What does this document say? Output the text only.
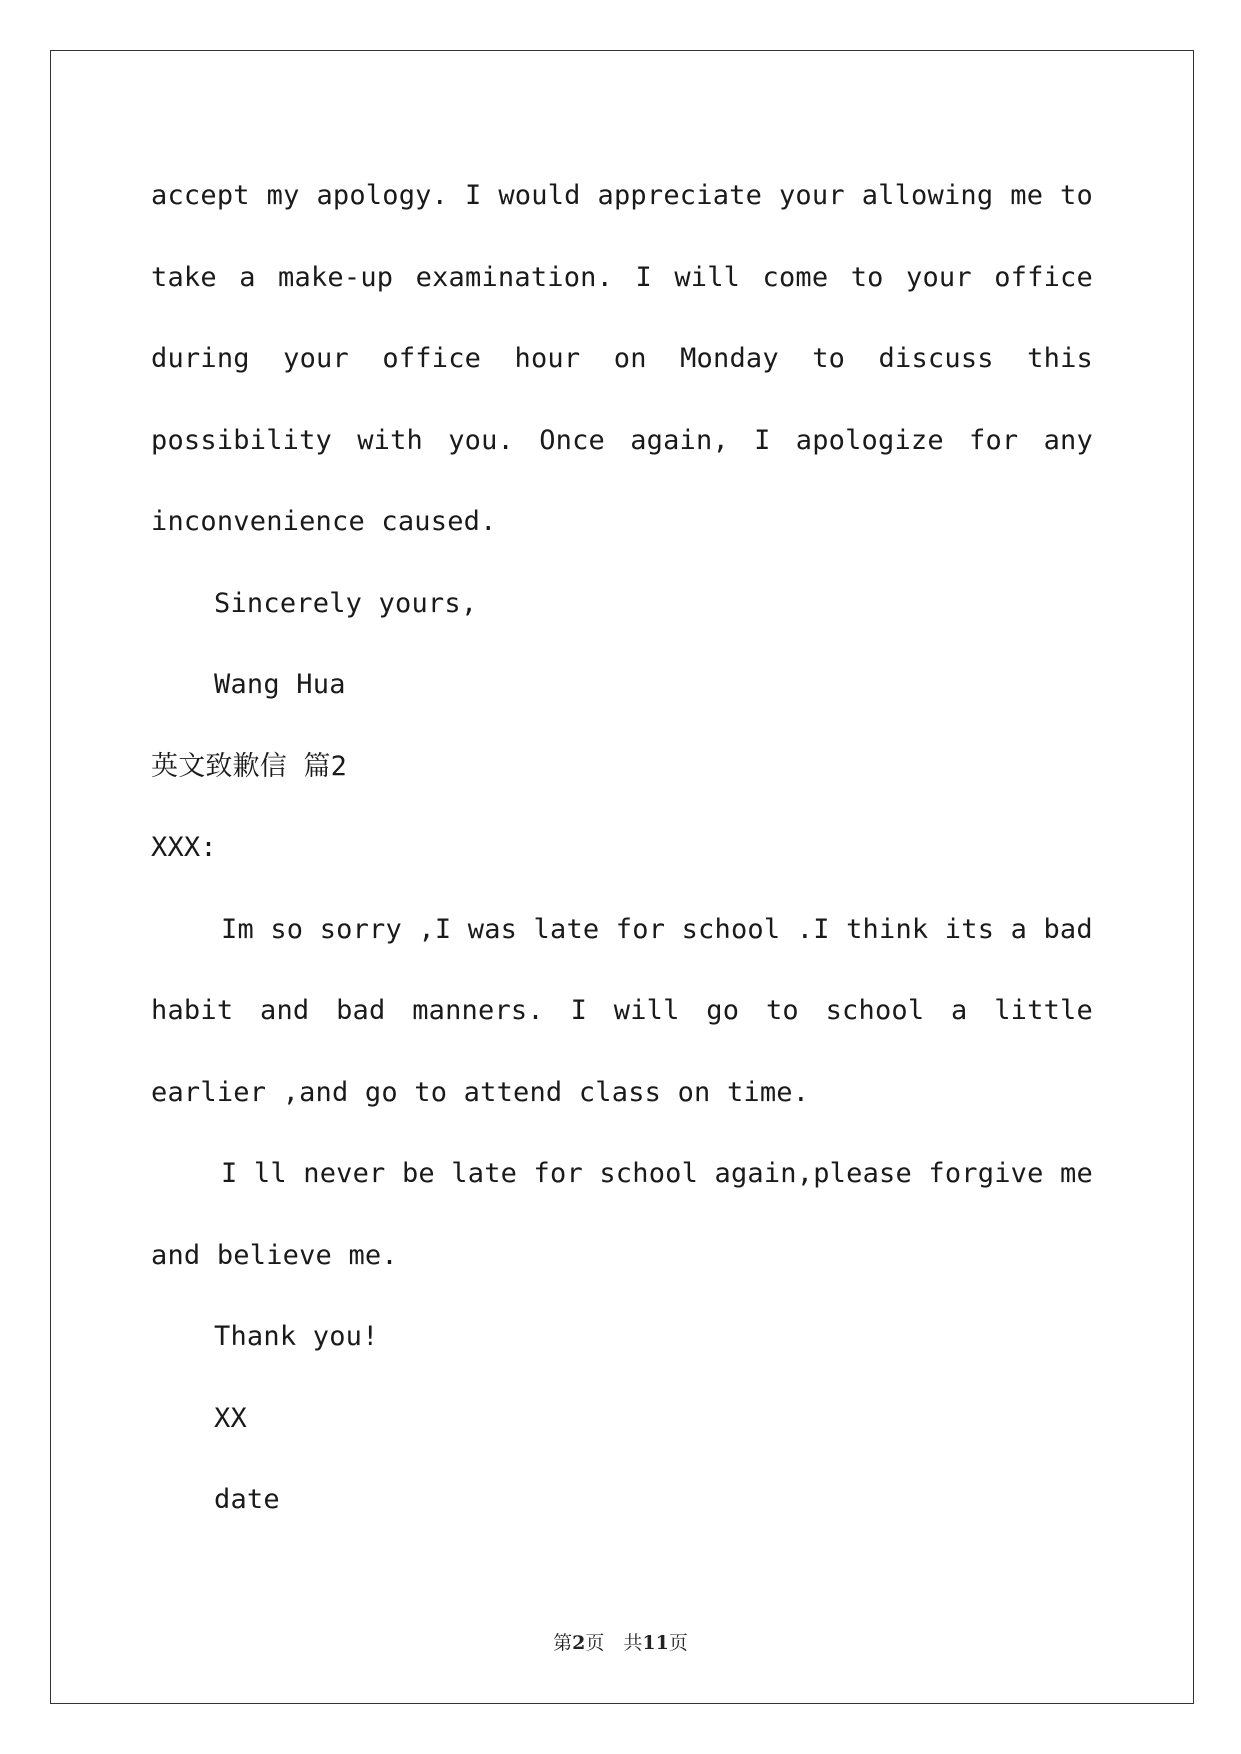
accept my apology. I would appreciate your allowing me to
take a make-up examination. I will come to your office
during your office hour on Monday to discuss this
possibility with you. Once again, I apologize for any
inconvenience caused.
Sincerely yours,
Wang Hua
英文致歉信 篇2
XXX:
Im so sorry ,I was late for school .I think its a bad
habit and bad manners. I will go to school a little
earlier ,and go to attend class on time.
I ll never be late for school again,please forgive me
and believe me.
Thank you!
XX
date
第2页　共11页
